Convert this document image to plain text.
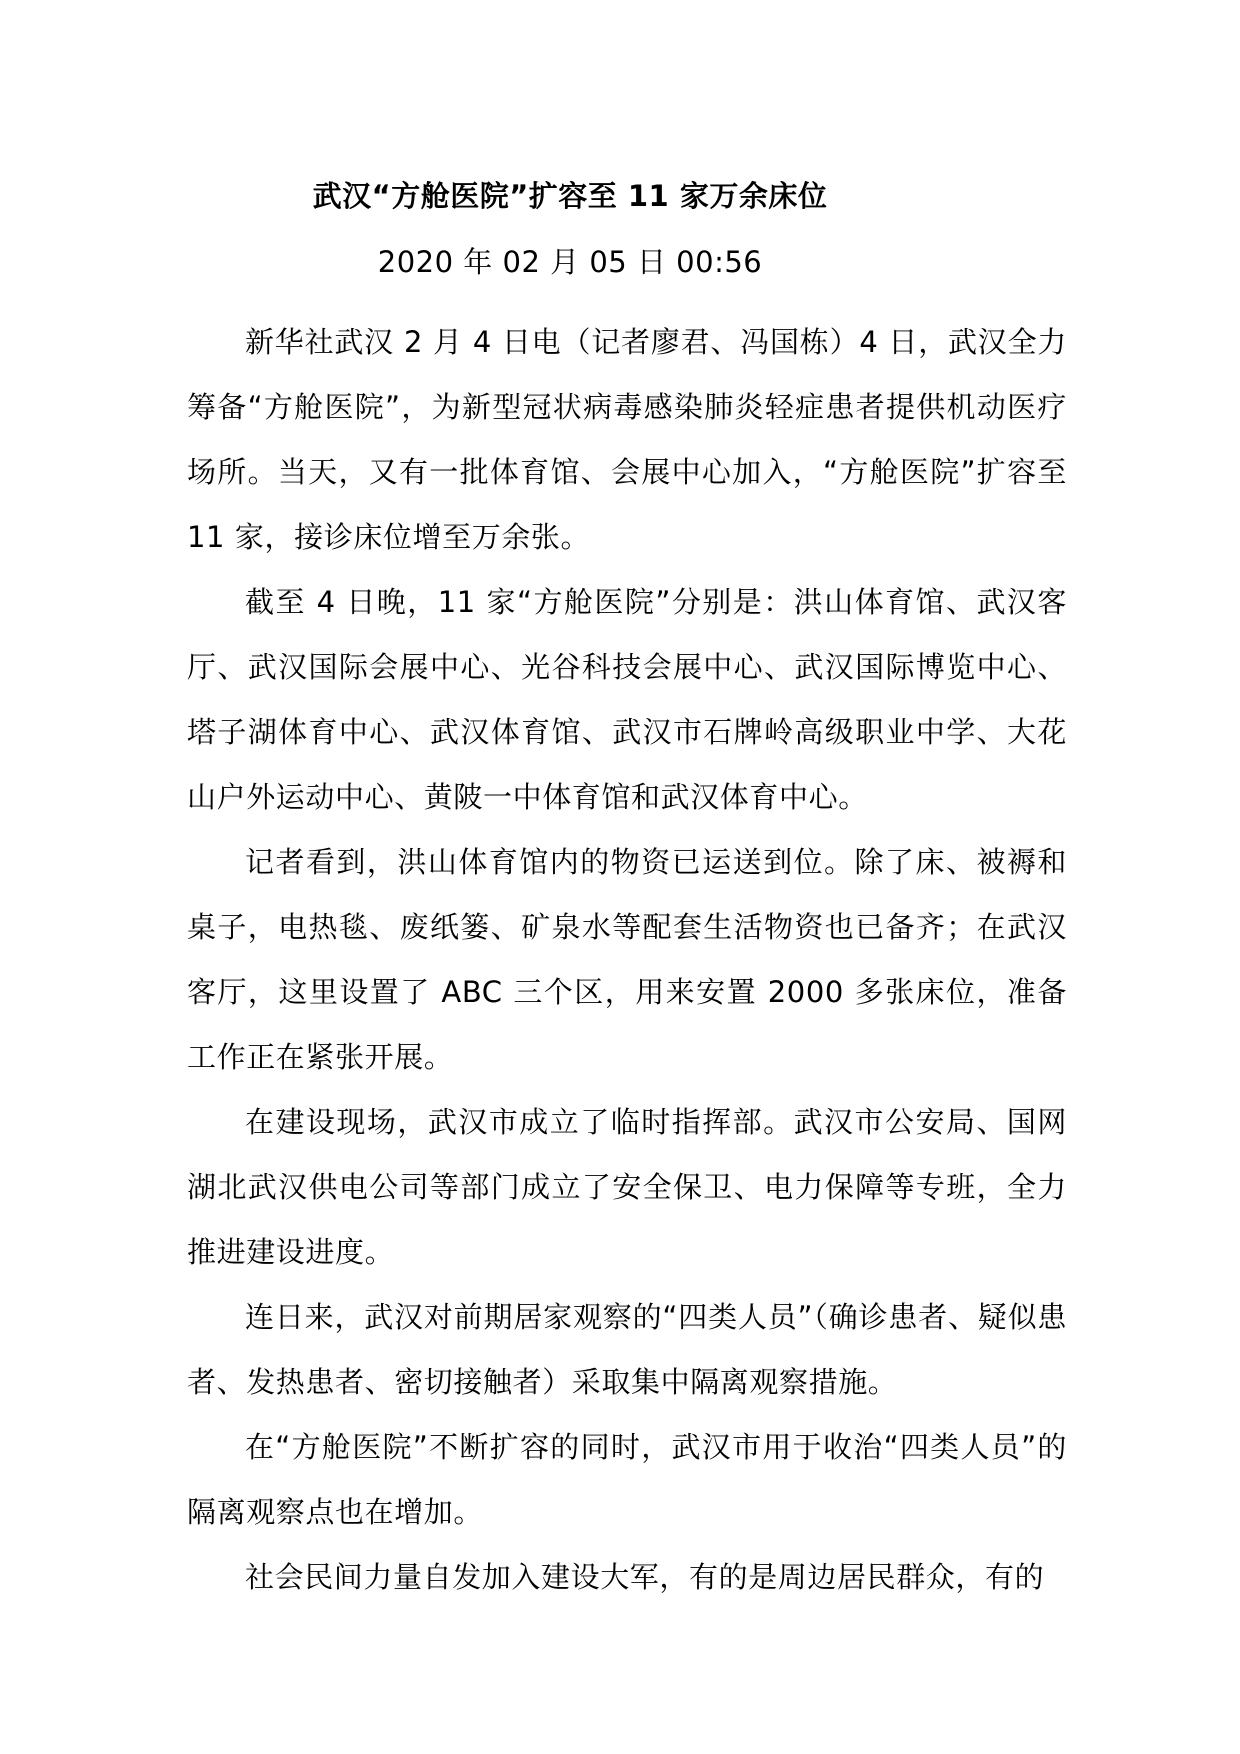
武汉“方舱医院”扩容至 11 家万余床位
2020 年 02 月 05 日 00:56

新华社武汉 2 月 4 日电（记者廖君、冯国栋）4 日，武汉全力筹备“方舱医院”，为新型冠状病毒感染肺炎轻症患者提供机动医疗场所。当天，又有一批体育馆、会展中心加入，“方舱医院”扩容至 11 家，接诊床位增至万余张。

截至 4 日晚，11 家“方舱医院”分别是：洪山体育馆、武汉客厅、武汉国际会展中心、光谷科技会展中心、武汉国际博览中心、塔子湖体育中心、武汉体育馆、武汉市石牌岭高级职业中学、大花山户外运动中心、黄陂一中体育馆和武汉体育中心。

记者看到，洪山体育馆内的物资已运送到位。除了床、被褥和桌子，电热毯、废纸篓、矿泉水等配套生活物资也已备齐；在武汉客厅，这里设置了 ABC 三个区，用来安置 2000 多张床位，准备工作正在紧张开展。

在建设现场，武汉市成立了临时指挥部。武汉市公安局、国网湖北武汉供电公司等部门成立了安全保卫、电力保障等专班，全力推进建设进度。

连日来，武汉对前期居家观察的“四类人员”（确诊患者、疑似患者、发热患者、密切接触者）采取集中隔离观察措施。

在“方舱医院”不断扩容的同时，武汉市用于收治“四类人员”的隔离观察点也在增加。

社会民间力量自发加入建设大军，有的是周边居民群众，有的
